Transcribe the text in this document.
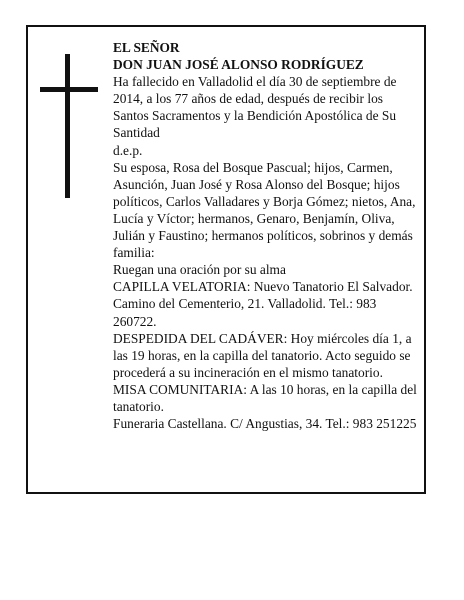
EL SEÑOR

DON JUAN JOSÉ ALONSO RODRÍGUEZ

Ha fallecido en Valladolid el día 30 de septiembre de 2014, a los 77 años de edad, después de recibir los Santos Sacramentos y la Bendición Apostólica de Su Santidad

d.e.p.

Su esposa, Rosa del Bosque Pascual; hijos, Carmen, Asunción, Juan José y Rosa Alonso del Bosque; hijos políticos, Carlos Valladares y Borja Gómez; nietos, Ana, Lucía y Víctor; hermanos, Genaro, Benjamín, Oliva, Julián y Faustino; hermanos políticos, sobrinos y demás familia:

Ruegan una oración por su alma

CAPILLA VELATORIA: Nuevo Tanatorio El Salvador. Camino del Cementerio, 21. Valladolid. Tel.: 983 260722.

DESPEDIDA DEL CADÁVER: Hoy miércoles día 1, a las 19 horas, en la capilla del tanatorio. Acto seguido se procederá a su incineración en el mismo tanatorio.

MISA COMUNITARIA: A las 10 horas, en la capilla del tanatorio.

Funeraria Castellana. C/ Angustias, 34. Tel.: 983 251225
